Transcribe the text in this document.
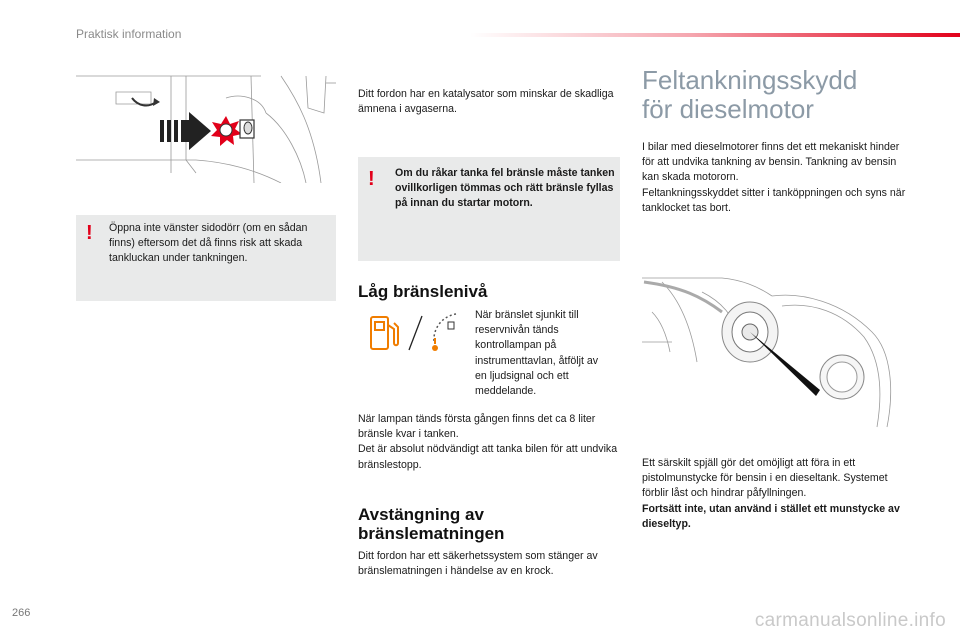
Praktisk information
! Öppna inte vänster sidodörr (om en sådan finns) eftersom det då finns risk att skada tankluckan under tankningen.
Ditt fordon har en katalysator som minskar de skadliga ämnena i avgaserna.
! Om du råkar tanka fel bränsle måste tanken ovillkorligen tömmas och rätt bränsle fyllas på innan du startar motorn.
Låg bränslenivå
När bränslet sjunkit till reservnivån tänds kontrollampan på instrumenttavlan, åtföljt av en ljudsignal och ett meddelande.

När lampan tänds första gången finns det ca 8 liter bränsle kvar i tanken.

Det är absolut nödvändigt att tanka bilen för att undvika bränslestopp.

Avstängning av
bränslematningen
Ditt fordon har ett säkerhetssystem som stänger av bränslematningen i händelse av en krock.
Feltankningsskydd
för dieselmotor

I bilar med dieselmotorer finns det ett mekaniskt hinder för att undvika tankning av bensin. Tankning av bensin kan skada motororn.

Feltankningsskyddet sitter i tanköppningen och syns när tanklocket tas bort.

Ett särskilt spjäll gör det omöjligt att föra in ett pistolmunstycke för bensin i en dieseltank. Systemet förblir låst och hindrar påfyllningen.

Fortsätt inte, utan använd i stället ett munstycke av dieseltyp.

266	carmanualsonline.info
